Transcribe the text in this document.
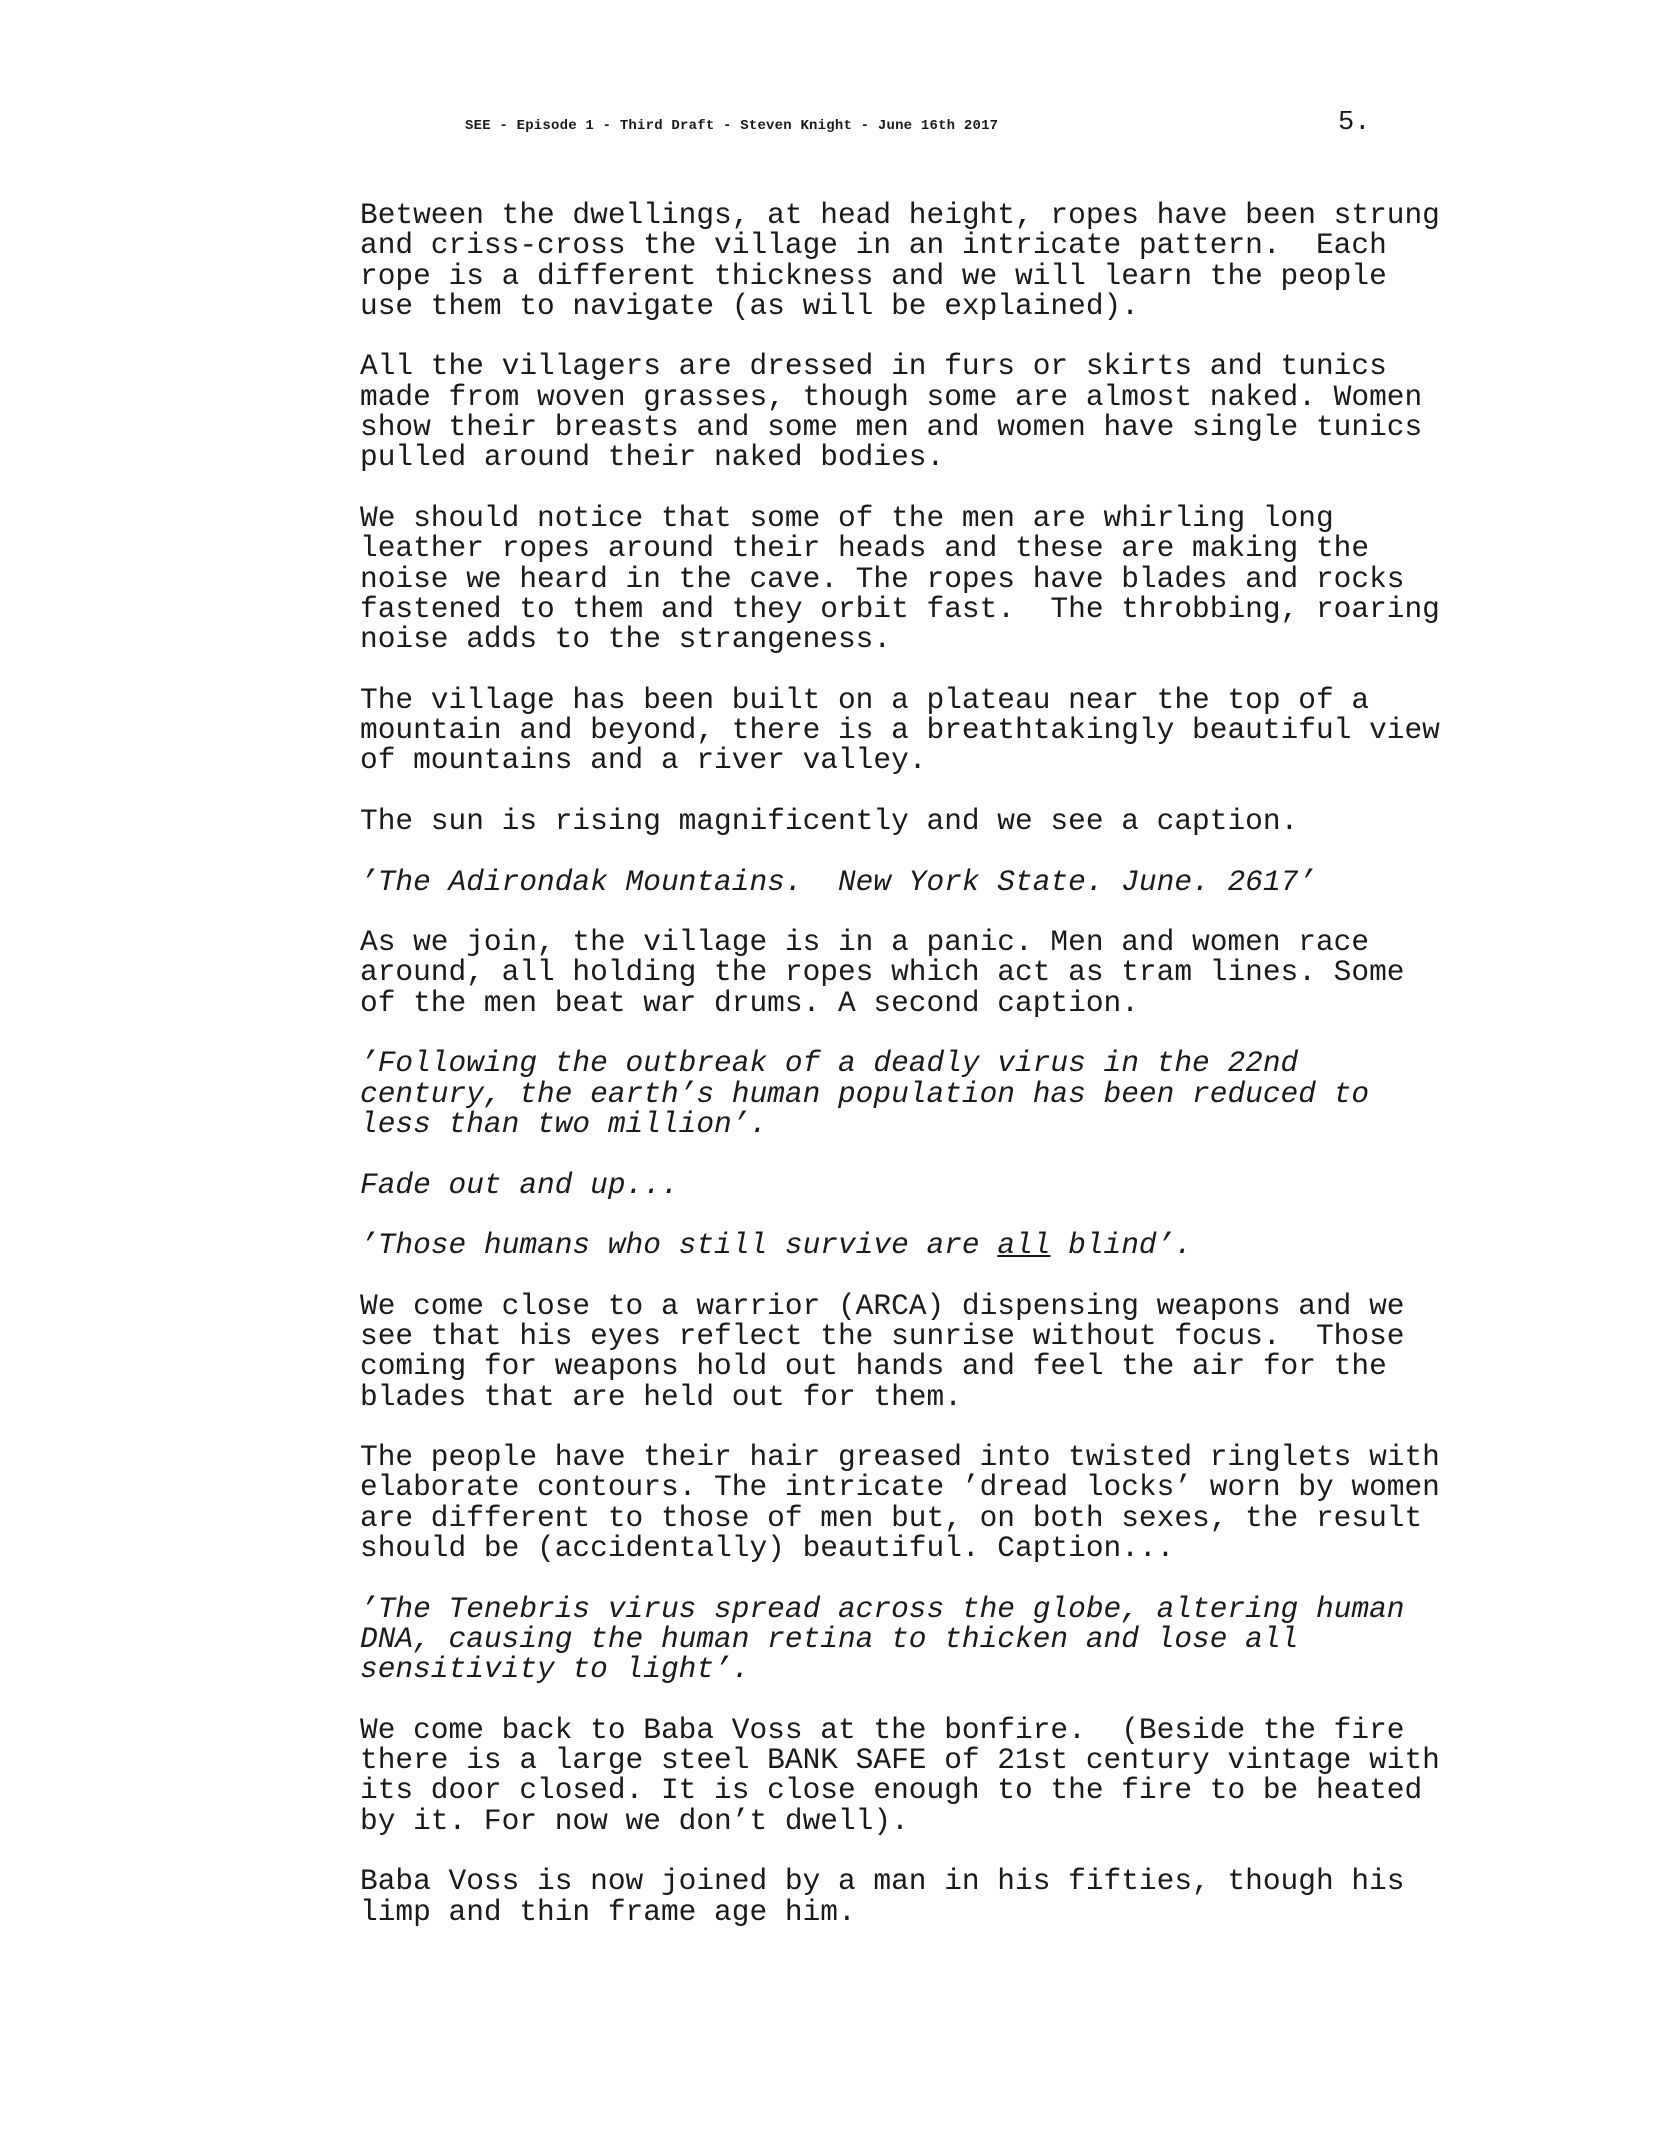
SEE - Episode 1 - Third Draft - Steven Knight - June 16th 2017	5.

Between the dwellings, at head height, ropes have been strung
and criss-cross the village in an intricate pattern.  Each
rope is a different thickness and we will learn the people
use them to navigate (as will be explained).

All the villagers are dressed in furs or skirts and tunics
made from woven grasses, though some are almost naked. Women
show their breasts and some men and women have single tunics
pulled around their naked bodies.

We should notice that some of the men are whirling long
leather ropes around their heads and these are making the
noise we heard in the cave. The ropes have blades and rocks
fastened to them and they orbit fast.  The throbbing, roaring
noise adds to the strangeness.

The village has been built on a plateau near the top of a
mountain and beyond, there is a breathtakingly beautiful view
of mountains and a river valley.

The sun is rising magnificently and we see a caption.

’The Adirondak Mountains.  New York State. June. 2617’

As we join, the village is in a panic. Men and women race
around, all holding the ropes which act as tram lines. Some
of the men beat war drums. A second caption.

’Following the outbreak of a deadly virus in the 22nd
century, the earth’s human population has been reduced to
less than two million’.

Fade out and up...

’Those humans who still survive are all blind’.

We come close to a warrior (ARCA) dispensing weapons and we
see that his eyes reflect the sunrise without focus.  Those
coming for weapons hold out hands and feel the air for the
blades that are held out for them.

The people have their hair greased into twisted ringlets with
elaborate contours. The intricate ’dread locks’ worn by women
are different to those of men but, on both sexes, the result
should be (accidentally) beautiful. Caption...

’The Tenebris virus spread across the globe, altering human
DNA, causing the human retina to thicken and lose all
sensitivity to light’.

We come back to Baba Voss at the bonfire.  (Beside the fire
there is a large steel BANK SAFE of 21st century vintage with
its door closed. It is close enough to the fire to be heated
by it. For now we don’t dwell).

Baba Voss is now joined by a man in his fifties, though his
limp and thin frame age him.
